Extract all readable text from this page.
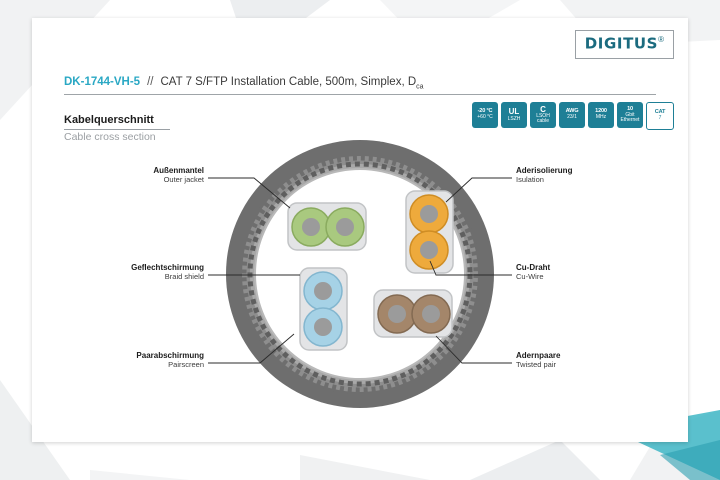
DIGITUS®
DK-1744-VH-5 // CAT 7 S/FTP Installation Cable, 500m, Simplex, $D_{ca}$
-20 °C
+60 °C
UL
LSZH
C
LSOH cable
AWG
23/1
1200
MHz
10
Gbit Ethernet
CAT
7
Kabelquerschnitt
Cable cross section
Außenmantel
Outer jacket
Geflechtschirmung
Braid shield
Paarabschirmung
Pairscreen
Aderisolierung
Isulation
Cu-Draht
Cu-Wire
Adernpaare
Twisted pair
